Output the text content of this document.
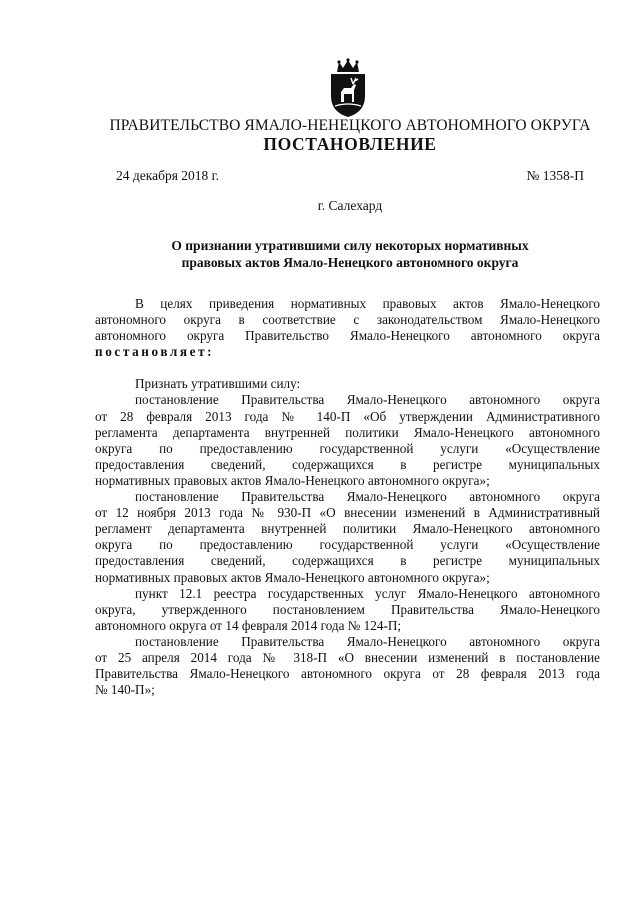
ПРАВИТЕЛЬСТВО ЯМАЛО-НЕНЕЦКОГО АВТОНОМНОГО ОКРУГА
ПОСТАНОВЛЕНИЕ
24 декабря 2018 г.	№ 1358-П
г. Салехард
О признании утратившими силу некоторых нормативных
правовых актов Ямало-Ненецкого автономного округа
В целях приведения нормативных правовых актов Ямало-Ненецкого
автономного округа в соответствие с законодательством Ямало-Ненецкого
автономного округа Правительство Ямало-Ненецкого автономного округа
постановляет:
Признать утратившими силу:
постановление Правительства Ямало-Ненецкого автономного округа
от 28 февраля 2013 года № 140-П «Об утверждении Административного
регламента департамента внутренней политики Ямало-Ненецкого автономного
округа по предоставлению государственной услуги «Осуществление
предоставления сведений, содержащихся в регистре муниципальных
нормативных правовых актов Ямало-Ненецкого автономного округа»;
постановление Правительства Ямало-Ненецкого автономного округа
от 12 ноября 2013 года № 930-П «О внесении изменений в Административный
регламент департамента внутренней политики Ямало-Ненецкого автономного
округа по предоставлению государственной услуги «Осуществление
предоставления сведений, содержащихся в регистре муниципальных
нормативных правовых актов Ямало-Ненецкого автономного округа»;
пункт 12.1 реестра государственных услуг Ямало-Ненецкого автономного
округа, утвержденного постановлением Правительства Ямало-Ненецкого
автономного округа от 14 февраля 2014 года № 124-П;
постановление Правительства Ямало-Ненецкого автономного округа
от 25 апреля 2014 года № 318-П «О внесении изменений в постановление
Правительства Ямало-Ненецкого автономного округа от 28 февраля 2013 года
№ 140-П»;
